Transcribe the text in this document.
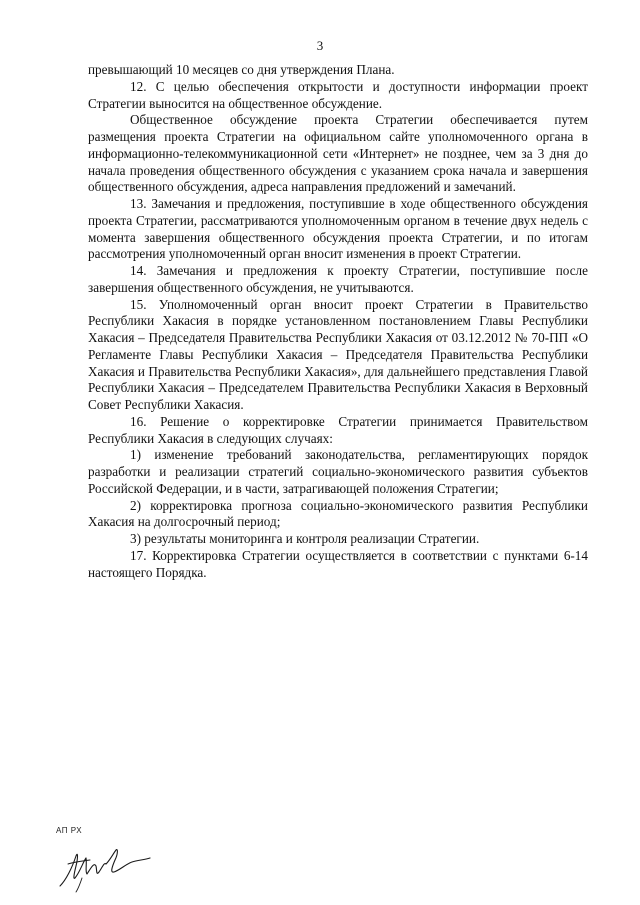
3

превышающий 10 месяцев со дня утверждения Плана.

12. С целью обеспечения открытости и доступности информации проект Стратегии выносится на общественное обсуждение.

Общественное обсуждение проекта Стратегии обеспечивается путем размещения проекта Стратегии на официальном сайте уполномоченного органа в информационно-телекоммуникационной сети «Интернет» не позднее, чем за 3 дня до начала проведения общественного обсуждения с указанием срока начала и завершения общественного обсуждения, адреса направления предложений и замечаний.

13. Замечания и предложения, поступившие в ходе общественного обсуждения проекта Стратегии, рассматриваются уполномоченным органом в течение двух недель с момента завершения общественного обсуждения проекта Стратегии, и по итогам рассмотрения уполномоченный орган вносит изменения в проект Стратегии.

14. Замечания и предложения к проекту Стратегии, поступившие после завершения общественного обсуждения, не учитываются.

15. Уполномоченный орган вносит проект Стратегии в Правительство Республики Хакасия в порядке установленном постановлением Главы Республики Хакасия – Председателя Правительства Республики Хакасия от 03.12.2012 № 70-ПП «О Регламенте Главы Республики Хакасия – Председателя Правительства Республики Хакасия и Правительства Республики Хакасия», для дальнейшего представления Главой Республики Хакасия – Председателем Правительства Республики Хакасия в Верховный Совет Республики Хакасия.

16. Решение о корректировке Стратегии принимается Правительством Республики Хакасия в следующих случаях:

1) изменение требований законодательства, регламентирующих порядок разработки и реализации стратегий социально-экономического развития субъектов Российской Федерации, и в части, затрагивающей положения Стратегии;

2) корректировка прогноза социально-экономического развития Республики Хакасия на долгосрочный период;

3) результаты мониторинга и контроля реализации Стратегии.

17. Корректировка Стратегии осуществляется в соответствии с пунктами 6-14 настоящего Порядка.

АП РХ
